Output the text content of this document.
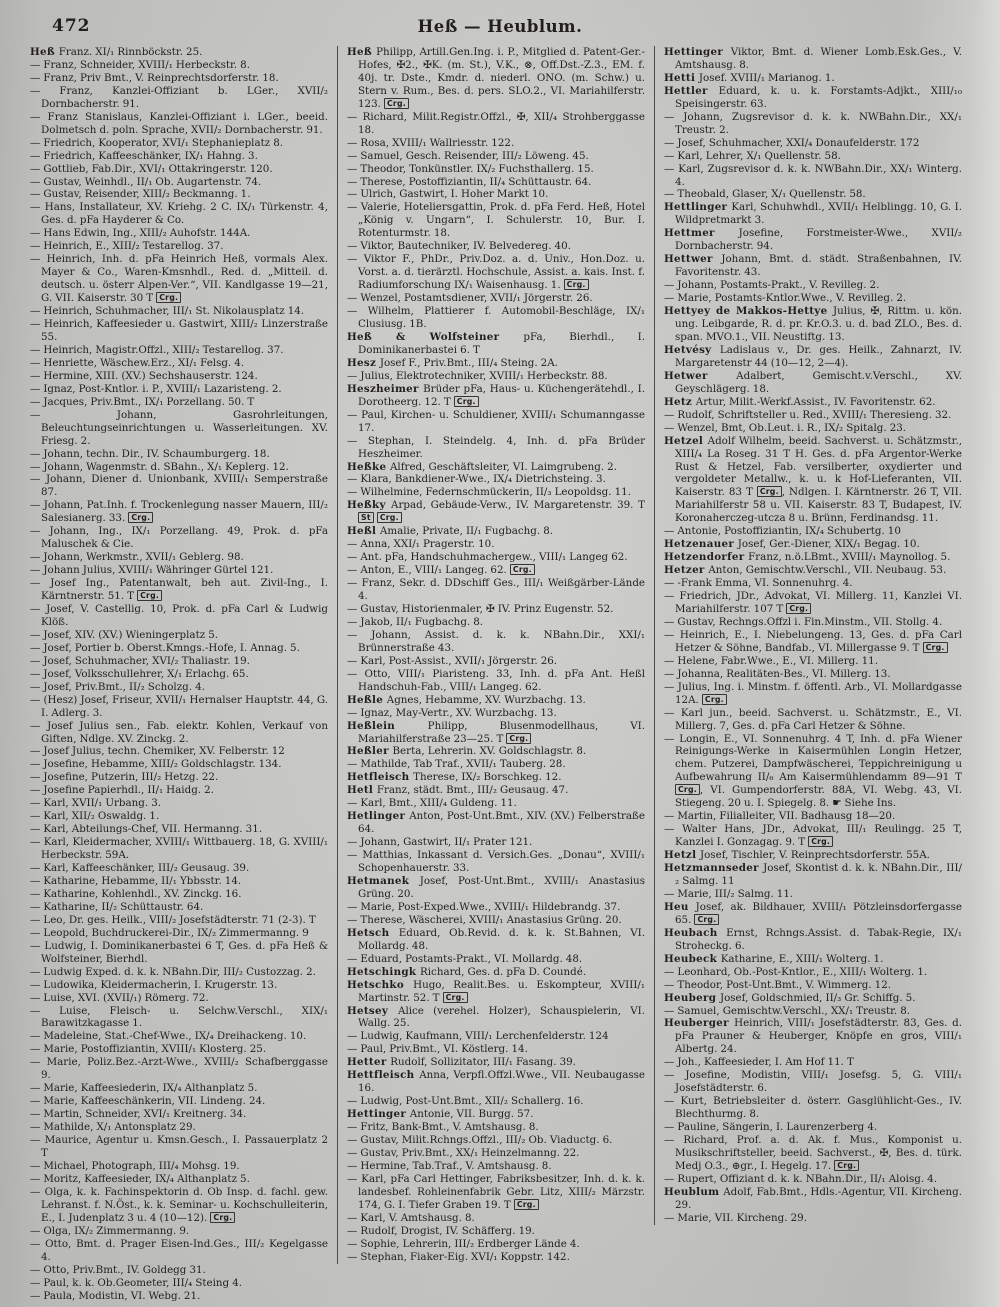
472	Heß — Heublum.

Heß Franz. XI/₁ Rinnböckstr. 25.

— Franz, Schneider, XVIII/₁ Herbeckstr. 8.

— Franz, Priv Bmt., V. Reinprechtsdorferstr. 18.

— Franz, Kanzlei-Offiziant b. LGer., XVII/₂ Dornbacherstr. 91.

— Franz Stanislaus, Kanzlei-Offiziant i. LGer., beeid. Dolmetsch d. poln. Sprache, XVII/₂ Dornbacherstr. 91.

— Friedrich, Kooperator, XVI/₁ Stephanieplatz 8.

— Friedrich, Kaffeeschänker, IX/₁ Hahng. 3.

— Gottlieb, Fab.Dir., XVI/₁ Ottakringerstr. 120.

— Gustav, Weinhdl., II/₁ Ob. Augartenstr. 74.

— Gustav, Reisender, XIII/₂ Beckmanng. 1.

— Hans, Installateur, XV. Kriehg. 2 C. IX/₁ Türkenstr. 4, Ges. d. pFa Hayderer & Co.

— Hans Edwin, Ing., XIII/₂ Auhofstr. 144A.

— Heinrich, E., XIII/₂ Testarellog. 37.

— Heinrich, Inh. d. pFa Heinrich Heß, vormals Alex. Mayer & Co., Waren-Kmsnhdl., Red. d. „Mitteil. d. deutsch. u. österr Alpen-Ver.“, VII. Kandlgasse 19—21, G. VII. Kaiserstr. 30 T Crg.

— Heinrich, Schuhmacher, III/₁ St. Nikolausplatz 14.

— Heinrich, Kaffeesieder u. Gastwirt, XIII/₂ Linzerstraße 55.

— Heinrich, Magistr.Offzl., XIII/₂ Testarellog. 37.

— Henriette, Wäschew.Erz., XI/₁ Felsg. 4.

— Hermine, XIII. (XV.) Sechshauserstr. 124.

— Ignaz, Post-Kntlor. i. P., XVIII/₁ Lazaristeng. 2.

— Jacques, Priv.Bmt., IX/₁ Porzellang. 50. T

— Johann, Gasrohrleitungen, Beleuchtungseinrichtungen u. Wasserleitungen. XV. Friesg. 2.

— Johann, techn. Dir., IV. Schaumburgerg. 18.

— Johann, Wagenmstr. d. SBahn., X/₁ Keplerg. 12.

— Johann, Diener d. Unionbank, XVIII/₁ Semperstraße 87.

— Johann, Pat.Inh. f. Trockenlegung nasser Mauern, III/₂ Salesianerg. 33. Crg.

— Johann, Ing., IX/₁ Porzellang. 49, Prok. d. pFa Maluschek & Cie.

— Johann, Werkmstr., XVII/₁ Geblerg. 98.

— Johann Julius, XVIII/₁ Währinger Gürtel 121.

— Josef Ing., Patentanwalt, beh aut. Zivil-Ing., I. Kärntnerstr. 51. T Crg.

— Josef, V. Castellig. 10, Prok. d. pFa Carl & Ludwig Klöß.

— Josef, XIV. (XV.) Wieningerplatz 5.

— Josef, Portier b. Oberst.Kmngs.-Hofe, I. Annag. 5.

— Josef, Schuhmacher, XVI/₂ Thaliastr. 19.

— Josef, Volksschullehrer, X/₁ Erlachg. 65.

— Josef, Priv.Bmt., II/₂ Scholzg. 4.

— (Hesz) Josef, Friseur, XVII/₁ Hernalser Hauptstr. 44, G. I. Adlerg. 3.

— Josef Julius sen., Fab. elektr. Kohlen, Verkauf von Giften, Ndlge. XV. Zinckg. 2.

— Josef Julius, techn. Chemiker, XV. Felberstr. 12

— Josefine, Hebamme, XIII/₂ Goldschlagstr. 134.

— Josefine, Putzerin, III/₂ Hetzg. 22.

— Josefine Papierhdl., II/₁ Haidg. 2.

— Karl, XVII/₁ Urbang. 3.

— Karl, XII/₂ Oswaldg. 1.

— Karl, Abteilungs-Chef, VII. Hermanng. 31.

— Karl, Kleidermacher, XVIII/₁ Wittbauerg. 18, G. XVIII/₁ Herbeckstr. 59A.

— Karl, Kaffeeschänker, III/₂ Geusaug. 39.

— Katharine, Hebamme, II/₁ Ybbsstr. 14.

— Katharine, Kohlenhdl., XV. Zinckg. 16.

— Katharine, II/₂ Schüttaustr. 64.

— Leo, Dr. ges. Heilk., VIII/₂ Josefstädterstr. 71 (2-3). T

— Leopold, Buchdruckerei-Dir., IX/₂ Zimmermanng. 9

— Ludwig, I. Dominikanerbastei 6 T, Ges. d. pFa Heß & Wolfsteiner, Bierhdl.

— Ludwig Exped. d. k. k. NBahn.Dir, III/₂ Custozzag. 2.

— Ludowika, Kleidermacherin, I. Krugerstr. 13.

— Luise, XVI. (XVII/₁) Römerg. 72.

— Luise, Fleisch- u. Selchw.Verschl., XIX/₁ Barawitzkagasse 1.

— Madeleine, Stat.-Chef-Wwe., IX/₄ Dreihackeng. 10.

— Marie, Postoffiziantin, XVIII/₁ Klosterg. 25.

— Marie, Poliz.Bez.-Arzt-Wwe., XVIII/₂ Schafberggasse 9.

— Marie, Kaffeesiederin, IX/₄ Althanplatz 5.

— Marie, Kaffeeschänkerin, VII. Lindeng. 24.

— Martin, Schneider, XVI/₁ Kreitnerg. 34.

— Mathilde, X/₁ Antonsplatz 29.

— Maurice, Agentur u. Kmsn.Gesch., I. Passauerplatz 2 T

— Michael, Photograph, III/₄ Mohsg. 19.

— Moritz, Kaffeesieder, IX/₄ Althanplatz 5.

— Olga, k. k. Fachinspektorin d. Ob Insp. d. fachl. gew. Lehranst. f. N.Öst., k. k. Seminar- u. Kochschulleiterin, E., I. Judenplatz 3 u. 4 (10—12). Crg.

— Olga, IX/₂ Zimmermanng. 9.

— Otto, Bmt. d. Prager Eisen-Ind.Ges., III/₂ Kegelgasse 4.

— Otto, Priv.Bmt., IV. Goldegg 31.

— Paul, k. k. Ob.Geometer, III/₄ Steing 4.

— Paula, Modistin, VI. Webg. 21.

Heß Philipp, Artill.Gen.Ing. i. P., Mitglied d. Patent-Ger.-Hofes, ✠2., ✠K. (m. St.), V.K., ⊗, Off.Dst.-Z.3., EM. f. 40j. tr. Dste., Kmdr. d. niederl. ONO. (m. Schw.) u. Stern v. Rum., Bes. d. pers. SLO.2., VI. Mariahilferstr. 123. Crg.

— Richard, Milit.Registr.Offzl., ✠, XII/₄ Strohberggasse 18.

— Rosa, XVIII/₁ Wallriesstr. 122.

— Samuel, Gesch. Reisender, III/₂ Löweng. 45.

— Theodor, Tonkünstler. IX/₂ Fuchsthallerg. 15.

— Therese, Postoffiziantin, II/₄ Schüttaustr. 64.

— Ulrich, Gastwirt, I. Hoher Markt 10.

— Valerie, Hoteliersgattin, Prok. d. pFa Ferd. Heß, Hotel „König v. Ungarn“, I. Schulerstr. 10, Bur. I. Rotenturmstr. 18.

— Viktor, Bautechniker, IV. Belvedereg. 40.

— Viktor F., PhDr., Priv.Doz. a. d. Univ., Hon.Doz. u. Vorst. a. d. tierärztl. Hochschule, Assist. a. kais. Inst. f. Radiumforschung IX/₁ Waisenhausg. 1. Crg.

— Wenzel, Postamtsdiener, XVII/₁ Jörgerstr. 26.

— Wilhelm, Plattierer f. Automobil-Beschläge, IX/₁ Clusiusg. 1B.

Heß & Wolfsteiner pFa, Bierhdl., I. Dominikanerbastei 6. T

Hesz Josef F., Priv.Bmt., III/₄ Steing. 2A.

— Julius, Elektrotechniker, XVIII/₁ Herbeckstr. 88.

Heszheimer Brüder pFa, Haus- u. Küchengerätehdl., I. Dorotheerg. 12. T Crg.

— Paul, Kirchen- u. Schuldiener, XVIII/₁ Schumanngasse 17.

— Stephan, I. Steindelg. 4, Inh. d. pFa Brüder Heszheimer.

Heßke Alfred, Geschäftsleiter, VI. Laimgrubeng. 2.

— Klara, Bankdiener-Wwe., IX/₄ Dietrichsteing. 3.

— Wilhelmine, Federnschmückerin, II/₃ Leopoldsg. 11.

Heßky Arpad, Gebäude-Verw., IV. Margaretenstr. 39. T St Crg.

Heßl Amalie, Private, II/₁ Fugbachg. 8.

— Anna, XXI/₁ Pragerstr. 10.

— Ant. pFa, Handschuhmachergew., VIII/₁ Langeg 62.

— Anton, E., VIII/₁ Langeg. 62. Crg.

— Franz, Sekr. d. DDschiff Ges., III/₁ Weißgärber-Lände 4.

— Gustav, Historienmaler, ✠ IV. Prinz Eugenstr. 52.

— Jakob, II/₁ Fugbachg. 8.

— Johann, Assist. d. k. k. NBahn.Dir., XXI/₁ Brünnerstraße 43.

— Karl, Post-Assist., XVII/₁ Jörgerstr. 26.

— Otto, VIII/₁ Piaristeng. 33, Inh. d. pFa Ant. Heßl Handschuh-Fab., VIII/₁ Langeg. 62.

Heßle Agnes, Hebamme, XV. Wurzbachg. 13.

— Ignaz, May-Vertr., XV. Wurzbachg. 13.

Heßlein Philipp, Blusenmodellhaus, VI. Mariahilferstraße 23—25. T Crg.

Heßler Berta, Lehrerin. XV. Goldschlagstr. 8.

— Mathilde, Tab Traf., XVII/₁ Tauberg. 28.

Hetfleisch Therese, IX/₂ Borschkeg. 12.

Hetl Franz, städt. Bmt., III/₂ Geusaug. 47.

— Karl, Bmt., XIII/₄ Guldeng. 11.

Hetlinger Anton, Post-Unt.Bmt., XIV. (XV.) Felberstraße 64.

— Johann, Gastwirt, II/₁ Prater 121.

— Matthias, Inkassant d. Versich.Ges. „Donau“, XVIII/₁ Schopenhauerstr. 33.

Hetmanek Josef, Post-Unt.Bmt., XVIII/₁ Anastasius Grüng. 20.

— Marie, Post-Exped.Wwe., XVIII/₁ Hildebrandg. 37.

— Therese, Wäscherei, XVIII/₁ Anastasius Grüng. 20.

Hetsch Eduard, Ob.Revid. d. k. k. St.Bahnen, VI. Mollardg. 48.

— Eduard, Postamts-Prakt., VI. Mollardg. 48.

Hetschingk Richard, Ges. d. pFa D. Coundé.

Hetschko Hugo, Realit.Bes. u. Eskompteur, XVIII/₁ Martinstr. 52. T Crg.

Hetsey Alice (verehel. Holzer), Schauspielerin, VI. Wallg. 25.

— Ludwig, Kaufmann, VIII/₁ Lerchenfelderstr. 124

— Paul, Priv.Bmt., VI. Köstlerg. 14.

Hetter Rudolf, Sollizitator, III/₁ Fasang. 39.

Hettfleisch Anna, Verpfl.Offzl.Wwe., VII. Neubaugasse 16.

— Ludwig, Post-Unt.Bmt., XII/₂ Schallerg. 16.

Hettinger Antonie, VII. Burgg. 57.

— Fritz, Bank-Bmt., V. Amtshausg. 8.

— Gustav, Milit.Rchngs.Offzl., III/₂ Ob. Viaductg. 6.

— Gustav, Priv.Bmt., XX/₁ Heinzelmanng. 22.

— Hermine, Tab.Traf., V. Amtshausg. 8.

— Karl, pFa Carl Hettinger, Fabriksbesitzer, Inh. d. k. k. landesbef. Rohleinenfabrik Gebr. Litz, XIII/₂ Märzstr. 174, G. I. Tiefer Graben 19. T Crg.

— Karl, V. Amtshausg. 8.

— Rudolf, Drogist, IV. Schäfferg. 19.

— Sophie, Lehrerin, III/₂ Erdberger Lände 4.

— Stephan, Fiaker-Eig. XVI/₁ Koppstr. 142.

Hettinger Viktor, Bmt. d. Wiener Lomb.Esk.Ges., V. Amtshausg. 8.

Hetti Josef. XVIII/₁ Marianog. 1.

Hettler Eduard, k. u. k. Forstamts-Adjkt., XIII/₁₀ Speisingerstr. 63.

— Johann, Zugsrevisor d. k. k. NWBahn.Dir., XX/₁ Treustr. 2.

— Josef, Schuhmacher, XXI/₄ Donaufelderstr. 172

— Karl, Lehrer, X/₁ Quellenstr. 58.

— Karl, Zugsrevisor d. k. k. NWBahn.Dir., XX/₁ Winterg. 4.

— Theobald, Glaser, X/₁ Quellenstr. 58.

Hettlinger Karl, Schuhwhdl., XVII/₁ Helblingg. 10, G. I. Wildpretmarkt 3.

Hettmer Josefine, Forstmeister-Wwe., XVII/₂ Dornbacherstr. 94.

Hettwer Johann, Bmt. d. städt. Straßenbahnen, IV. Favoritenstr. 43.

— Johann, Postamts-Prakt., V. Revilleg. 2.

— Marie, Postamts-Kntlor.Wwe., V. Revilleg. 2.

Hettyey de Makkos-Hettye Julius, ✠, Rittm. u. kön. ung. Leibgarde, R. d. pr. Kr.O.3. u. d. bad ZLO., Bes. d. span. MVO.1., VII. Neustiftg. 13.

Hetvésy Ladislaus v., Dr. ges. Heilk., Zahnarzt, IV. Margaretenstr 44 (10—12, 2—4).

Hetwer Adalbert, Gemischt.v.Verschl., XV. Geyschlägerg. 18.

Hetz Artur, Milit.-Werkf.Assist., IV. Favoritenstr. 62.

— Rudolf, Schriftsteller u. Red., XVIII/₁ Theresieng. 32.

— Wenzel, Bmt, Ob.Leut. i. R., IX/₂ Spitalg. 23.

Hetzel Adolf Wilhelm, beeid. Sachverst. u. Schätzmstr., XIII/₄ La Roseg. 31 T H. Ges. d. pFa Argentor-Werke Rust & Hetzel, Fab. versilberter, oxydierter und vergoldeter Metallw., k. u. k Hof-Lieferanten, VII. Kaiserstr. 83 T Crg. , Ndlgen. I. Kärntnerstr. 26 T, VII. Mariahilferstr 58 u. VII. Kaiserstr. 83 T, Budapest, IV. Koronaherczeg-utcza 8 u. Brünn, Ferdinandsg. 11.

— Antonie, Postoffiziantin, IX/₄ Schubertg. 10

Hetzenauer Josef, Ger.-Diener, XIX/₁ Begag. 10.

Hetzendorfer Franz, n.ö.LBmt., XVIII/₁ Maynollog. 5.

Hetzer Anton, Gemischtw.Verschl., VII. Neubaug. 53.

— -Frank Emma, VI. Sonnenuhrg. 4.

— Friedrich, JDr., Advokat, VI. Millerg. 11, Kanzlei VI. Mariahilferstr. 107 T Crg.

— Gustav, Rechngs.Offzl i. Fin.Minstm., VII. Stollg. 4.

— Heinrich, E., I. Niebelungeng. 13, Ges. d. pFa Carl Hetzer & Söhne, Bandfab., VI. Millergasse 9. T Crg.

— Helene, Fabr.Wwe., E., VI. Millerg. 11.

— Johanna, Realitäten-Bes., VI. Millerg. 13.

— Julius, Ing. i. Minstm. f. öffentl. Arb., VI. Mollardgasse 12A. Crg.

— Karl jun., beeid. Sachverst. u. Schätzmstr., E., VI. Millerg. 7, Ges. d. pFa Carl Hetzer & Söhne.

— Longin, E., VI. Sonnenuhrg. 4 T, Inh. d. pFa Wiener Reinigungs-Werke in Kaisermühlen Longin Hetzer, chem. Putzerei, Dampfwäscherei, Teppichreinigung u Aufbewahrung II/₆ Am Kaisermühlendamm 89—91 T Crg. , VI. Gumpendorferstr. 88A, VI. Webg. 43, VI. Stiegeng. 20 u. I. Spiegelg. 8. ☛ Siehe Ins.

— Martin, Filialleiter, VII. Badhausg 18—20.

— Walter Hans, JDr., Advokat, III/₁ Reulingg. 25 T, Kanzlei I. Gonzagag. 9. T Crg.

Hetzl Josef, Tischler, V. Reinprechtsdorferstr. 55A.

Hetzmannseder Josef, Skontist d. k. k. NBahn.Dir., III/₂ Salmg. 11

— Marie, III/₂ Salmg. 11.

Heu Josef, ak. Bildhauer, XVIII/₁ Pötzleinsdorfergasse 65. Crg.

Heubach Ernst, Rchngs.Assist. d. Tabak-Regie, IX/₁ Stroheckg. 6.

Heubeck Katharine, E., XIII/₁ Wolterg. 1.

— Leonhard, Ob.-Post-Kntlor., E., XIII/₁ Wolterg. 1.

— Theodor, Post-Unt.Bmt., V. Wimmerg. 12.

Heuberg Josef, Goldschmied, II/₃ Gr. Schiffg. 5.

— Samuel, Gemischtw.Verschl., XX/₁ Treustr. 8.

Heuberger Heinrich, VIII/₁ Josefstädterstr. 83, Ges. d. pFa Prauner & Heuberger, Knöpfe en gros, VIII/₁ Albertg. 24.

— Joh., Kaffeesieder, I. Am Hof 11. T

— Josefine, Modistin, VIII/₁ Josefsg. 5, G. VIII/₁ Josefstädterstr. 6.

— Kurt, Betriebsleiter d. österr. Gasglühlicht-Ges., IV. Blechthurmg. 8.

— Pauline, Sängerin, I. Laurenzerberg 4.

— Richard, Prof. a. d. Ak. f. Mus., Komponist u. Musikschriftsteller, beeid. Sachverst., ✠, Bes. d. türk. Medj O.3., ⊕gr., I. Hegelg. 17. Crg.

— Rupert, Offiziant d. k. k. NBahn.Dir., II/₁ Aloisg. 4.

Heublum Adolf, Fab.Bmt., Hdls.-Agentur, VII. Kircheng. 29.

— Marie, VII. Kircheng. 29.
